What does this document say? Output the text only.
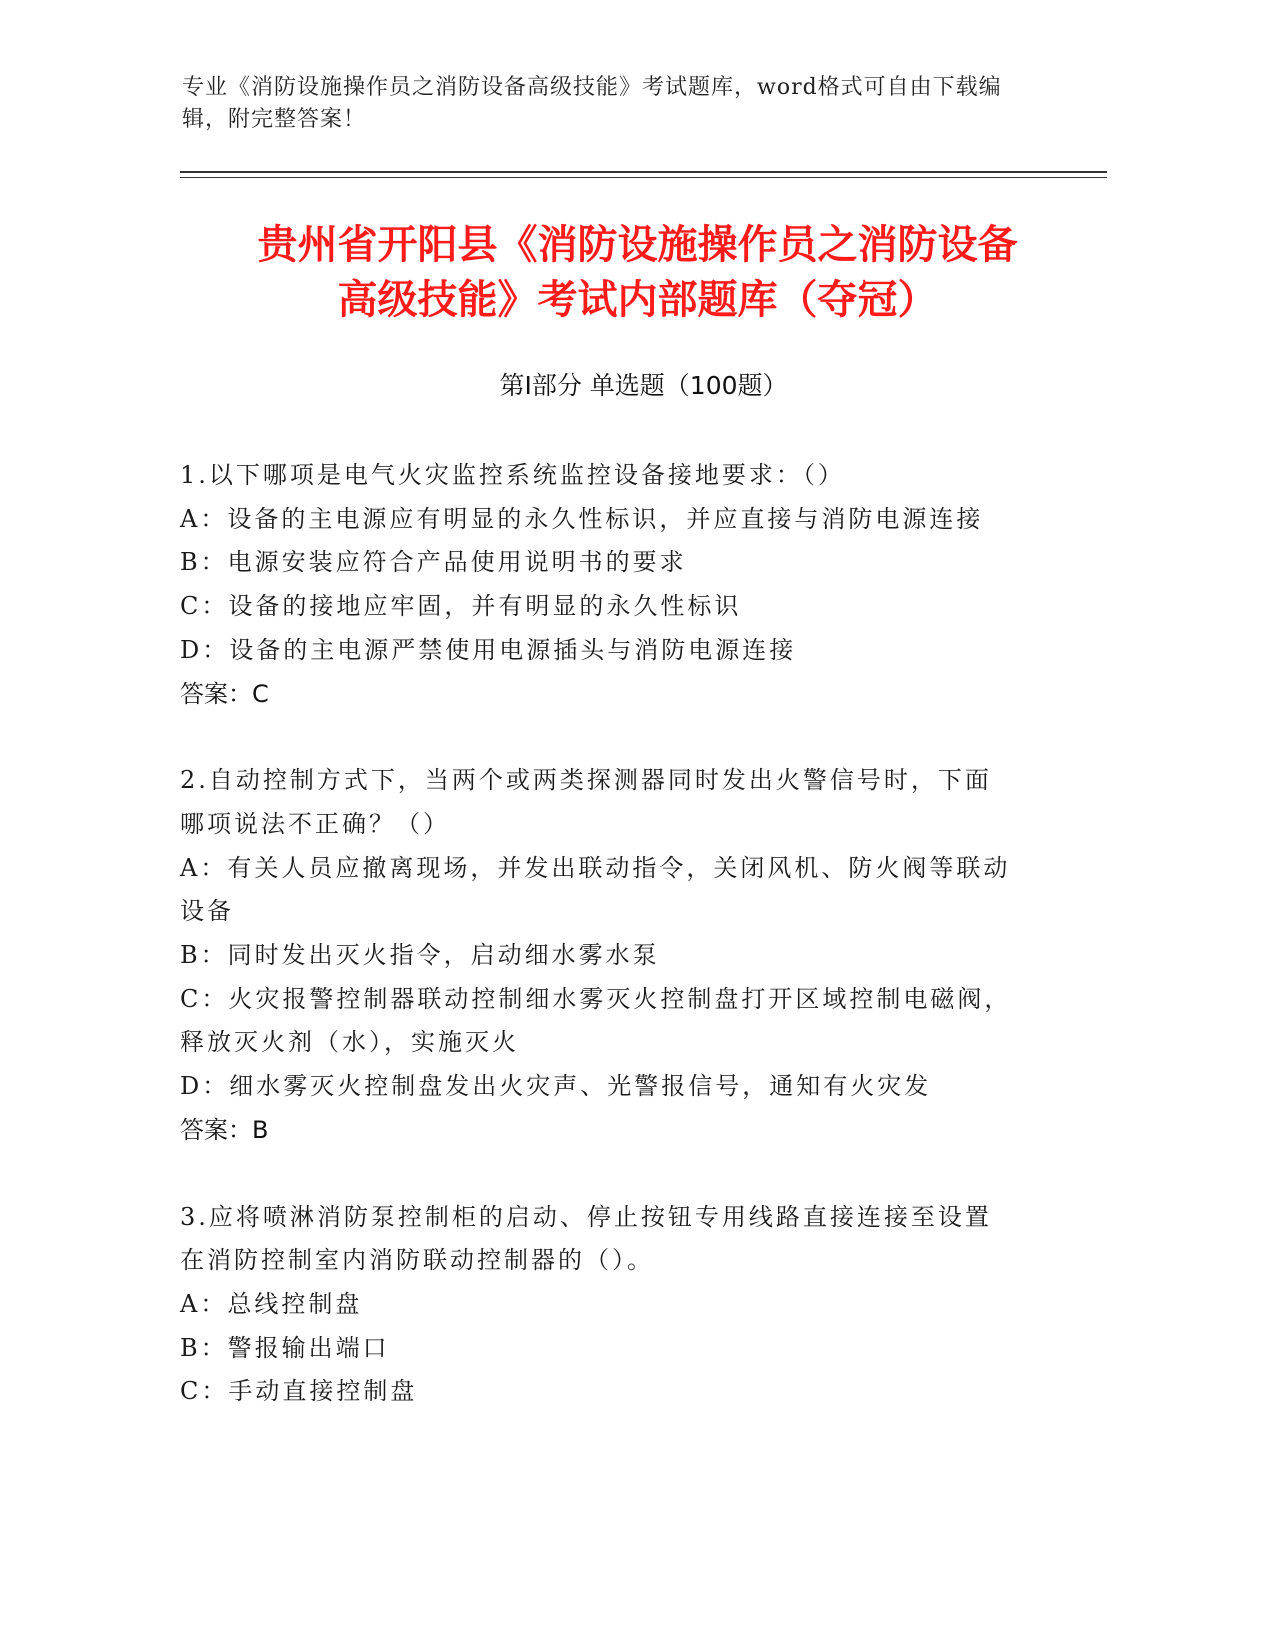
专业《消防设施操作员之消防设备高级技能》考试题库，word格式可自由下载编辑，附完整答案！
贵州省开阳县《消防设施操作员之消防设备
高级技能》考试内部题库（夺冠）
第Ⅰ部分 单选题（100题）
1.以下哪项是电气火灾监控系统监控设备接地要求：（）
A：设备的主电源应有明显的永久性标识，并应直接与消防电源连接
B：电源安装应符合产品使用说明书的要求
C：设备的接地应牢固，并有明显的永久性标识
D：设备的主电源严禁使用电源插头与消防电源连接
答案：C
2.自动控制方式下，当两个或两类探测器同时发出火警信号时，下面
哪项说法不正确？（）
A：有关人员应撤离现场，并发出联动指令，关闭风机、防火阀等联动
设备
B：同时发出灭火指令，启动细水雾水泵
C：火灾报警控制器联动控制细水雾灭火控制盘打开区域控制电磁阀，
释放灭火剂（水），实施灭火
D：细水雾灭火控制盘发出火灾声、光警报信号，通知有火灾发
答案：B
3.应将喷淋消防泵控制柜的启动、停止按钮专用线路直接连接至设置
在消防控制室内消防联动控制器的（）。
A：总线控制盘
B：警报输出端口
C：手动直接控制盘
